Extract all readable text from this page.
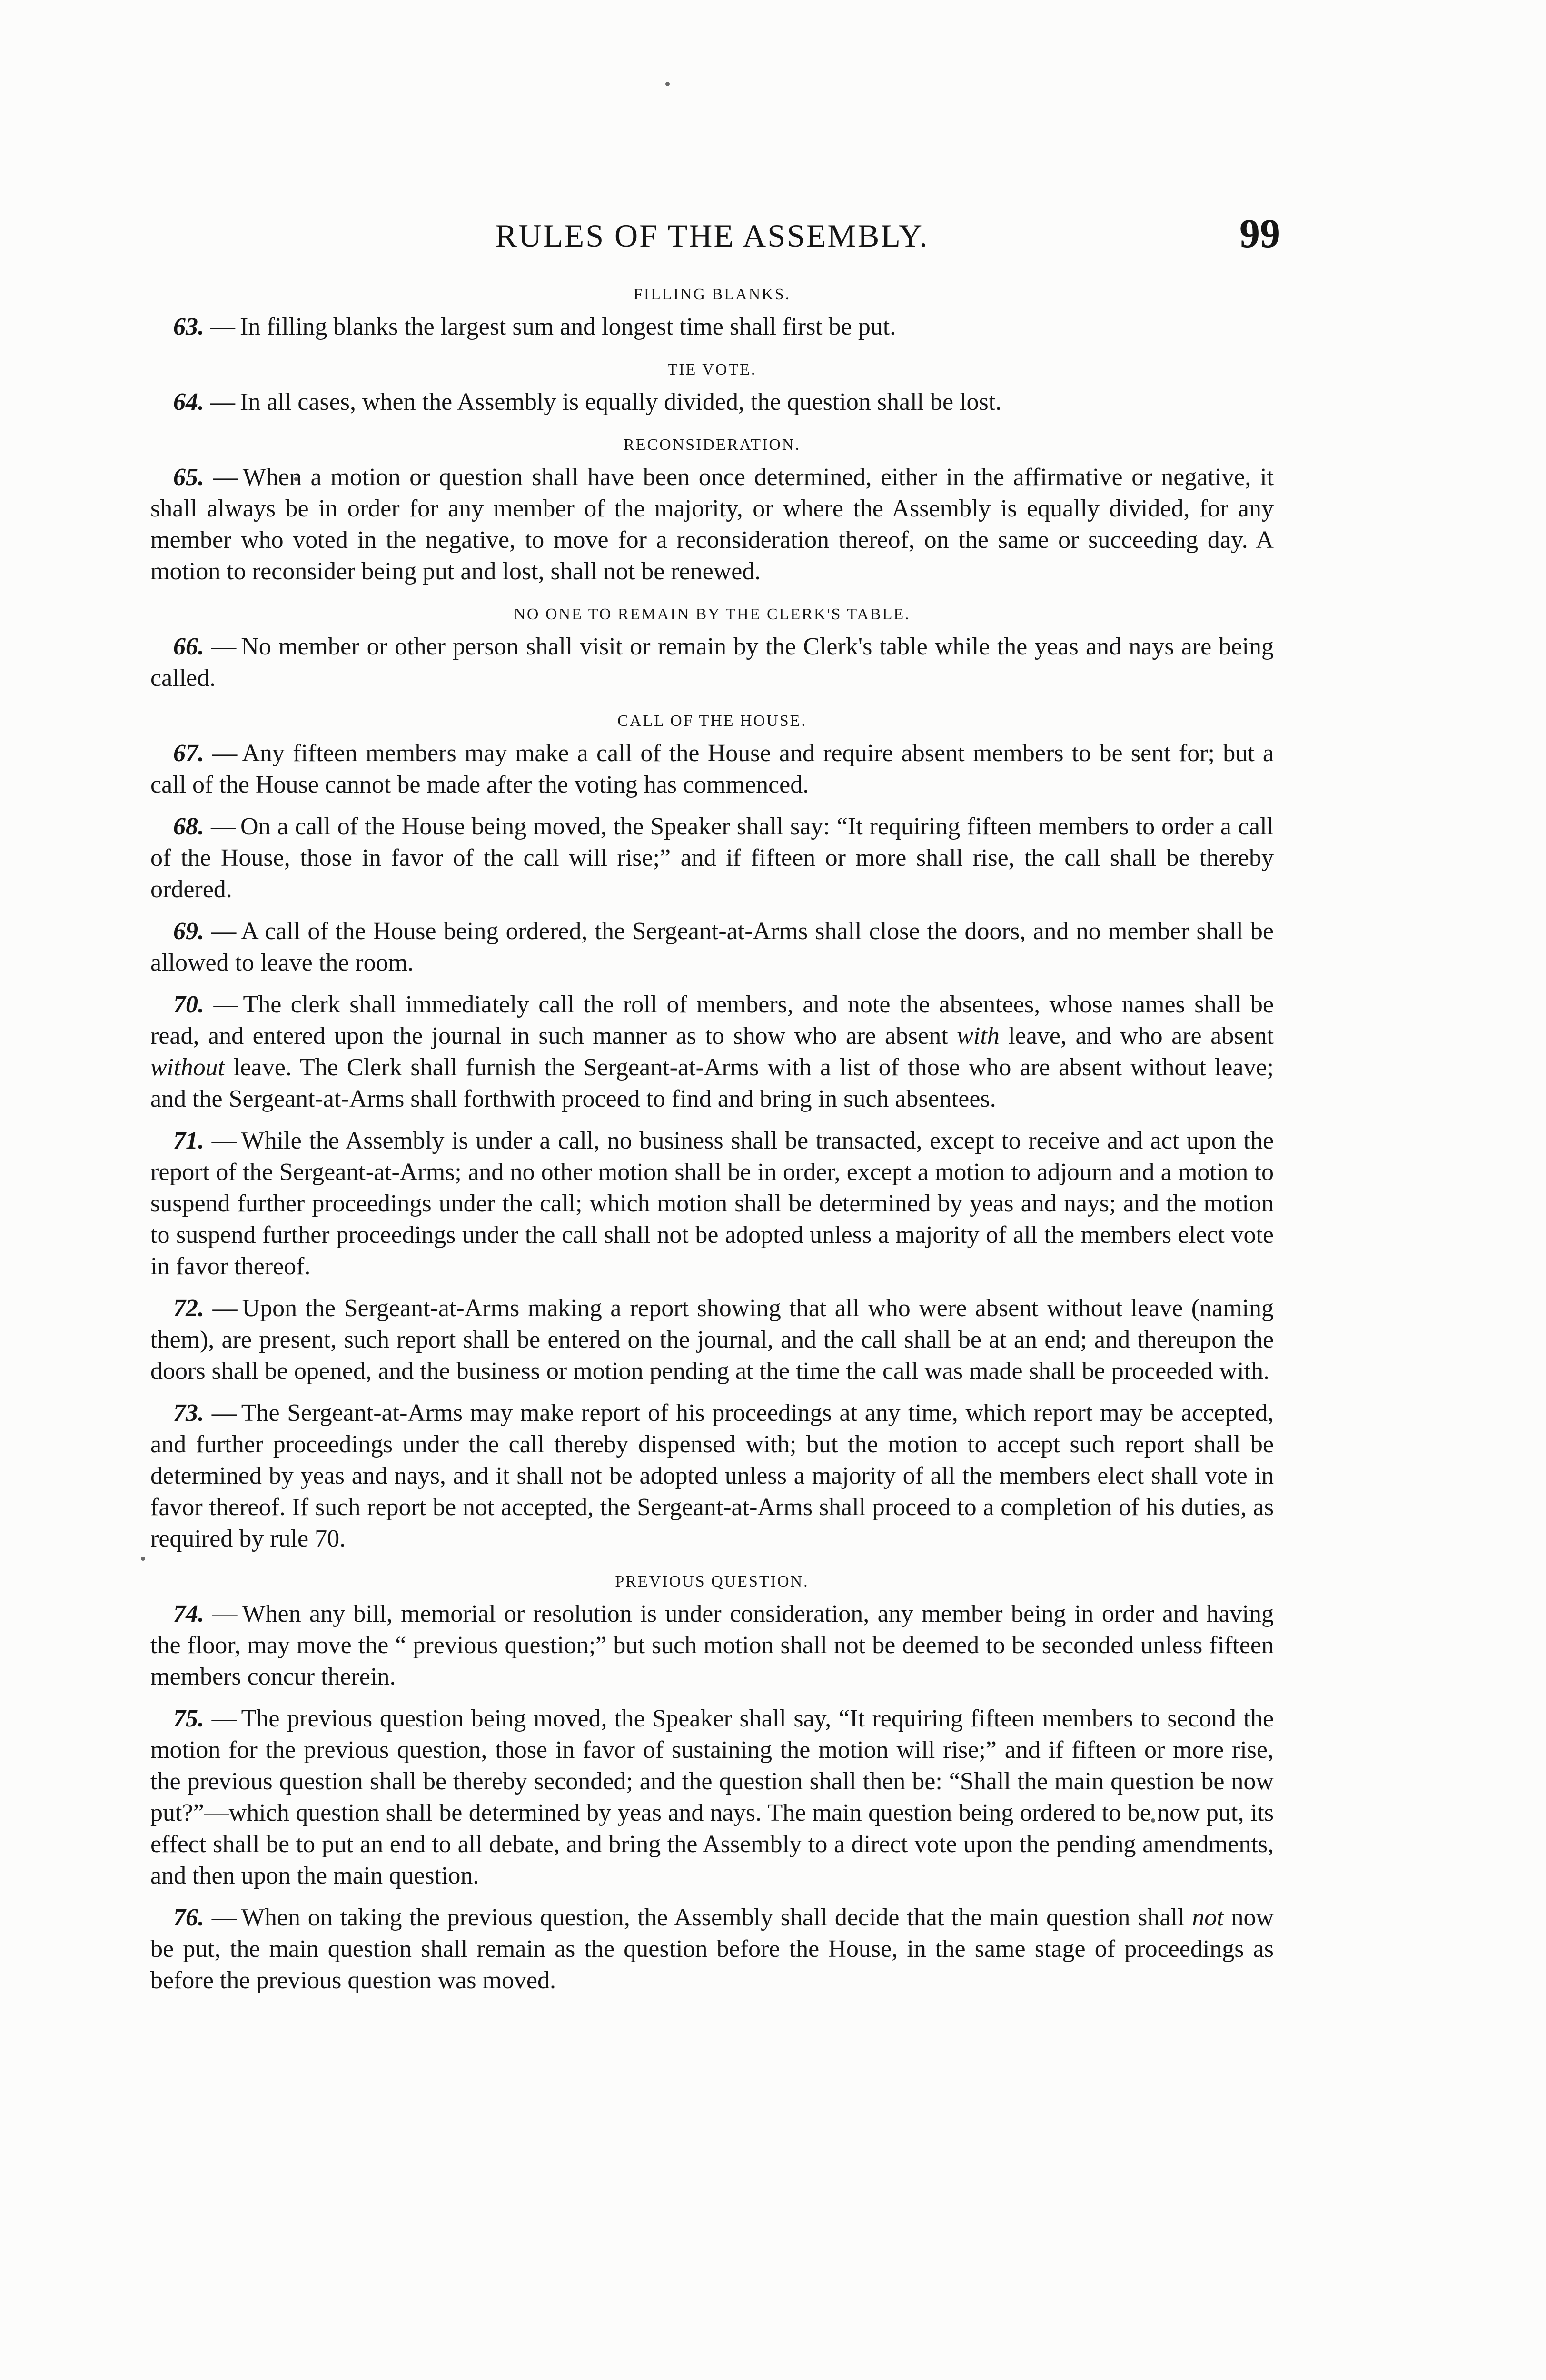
RULES OF THE ASSEMBLY.	99
FILLING BLANKS.

63. — In filling blanks the largest sum and longest time shall first be put.

TIE VOTE.

64. — In all cases, when the Assembly is equally divided, the question shall be lost.

RECONSIDERATION.

65. — When a motion or question shall have been once determined, either in the affirmative or negative, it shall always be in order for any member of the majority, or where the Assembly is equally divided, for any member who voted in the negative, to move for a reconsideration thereof, on the same or succeeding day. A motion to reconsider being put and lost, shall not be renewed.

NO ONE TO REMAIN BY THE CLERK'S TABLE.

66. — No member or other person shall visit or remain by the Clerk's table while the yeas and nays are being called.

CALL OF THE HOUSE.

67. — Any fifteen members may make a call of the House and require absent members to be sent for; but a call of the House cannot be made after the voting has commenced.

68. — On a call of the House being moved, the Speaker shall say: “It requiring fifteen members to order a call of the House, those in favor of the call will rise;” and if fifteen or more shall rise, the call shall be thereby ordered.

69. — A call of the House being ordered, the Sergeant-at-Arms shall close the doors, and no member shall be allowed to leave the room.

70. — The clerk shall immediately call the roll of members, and note the absentees, whose names shall be read, and entered upon the journal in such manner as to show who are absent with leave, and who are absent without leave. The Clerk shall furnish the Sergeant-at-Arms with a list of those who are absent without leave; and the Sergeant-at-Arms shall forthwith proceed to find and bring in such absentees.

71. — While the Assembly is under a call, no business shall be transacted, except to receive and act upon the report of the Sergeant-at-Arms; and no other motion shall be in order, except a motion to adjourn and a motion to suspend further proceedings under the call; which motion shall be determined by yeas and nays; and the motion to suspend further proceedings under the call shall not be adopted unless a majority of all the members elect vote in favor thereof.

72. — Upon the Sergeant-at-Arms making a report showing that all who were absent without leave (naming them), are present, such report shall be entered on the journal, and the call shall be at an end; and thereupon the doors shall be opened, and the business or motion pending at the time the call was made shall be proceeded with.

73. — The Sergeant-at-Arms may make report of his proceedings at any time, which report may be accepted, and further proceedings under the call thereby dispensed with; but the motion to accept such report shall be determined by yeas and nays, and it shall not be adopted unless a majority of all the members elect shall vote in favor thereof. If such report be not accepted, the Sergeant-at-Arms shall proceed to a completion of his duties, as required by rule 70.

PREVIOUS QUESTION.

74. — When any bill, memorial or resolution is under consideration, any member being in order and having the floor, may move the “ previous question;” but such motion shall not be deemed to be seconded unless fifteen members concur therein.

75. — The previous question being moved, the Speaker shall say, “It requiring fifteen members to second the motion for the previous question, those in favor of sustaining the motion will rise;” and if fifteen or more rise, the previous question shall be thereby seconded; and the question shall then be: “Shall the main question be now put?”—which question shall be determined by yeas and nays. The main question being ordered to be now put, its effect shall be to put an end to all debate, and bring the Assembly to a direct vote upon the pending amendments, and then upon the main question.

76. — When on taking the previous question, the Assembly shall decide that the main question shall not now be put, the main question shall remain as the question before the House, in the same stage of proceedings as before the previous question was moved.
